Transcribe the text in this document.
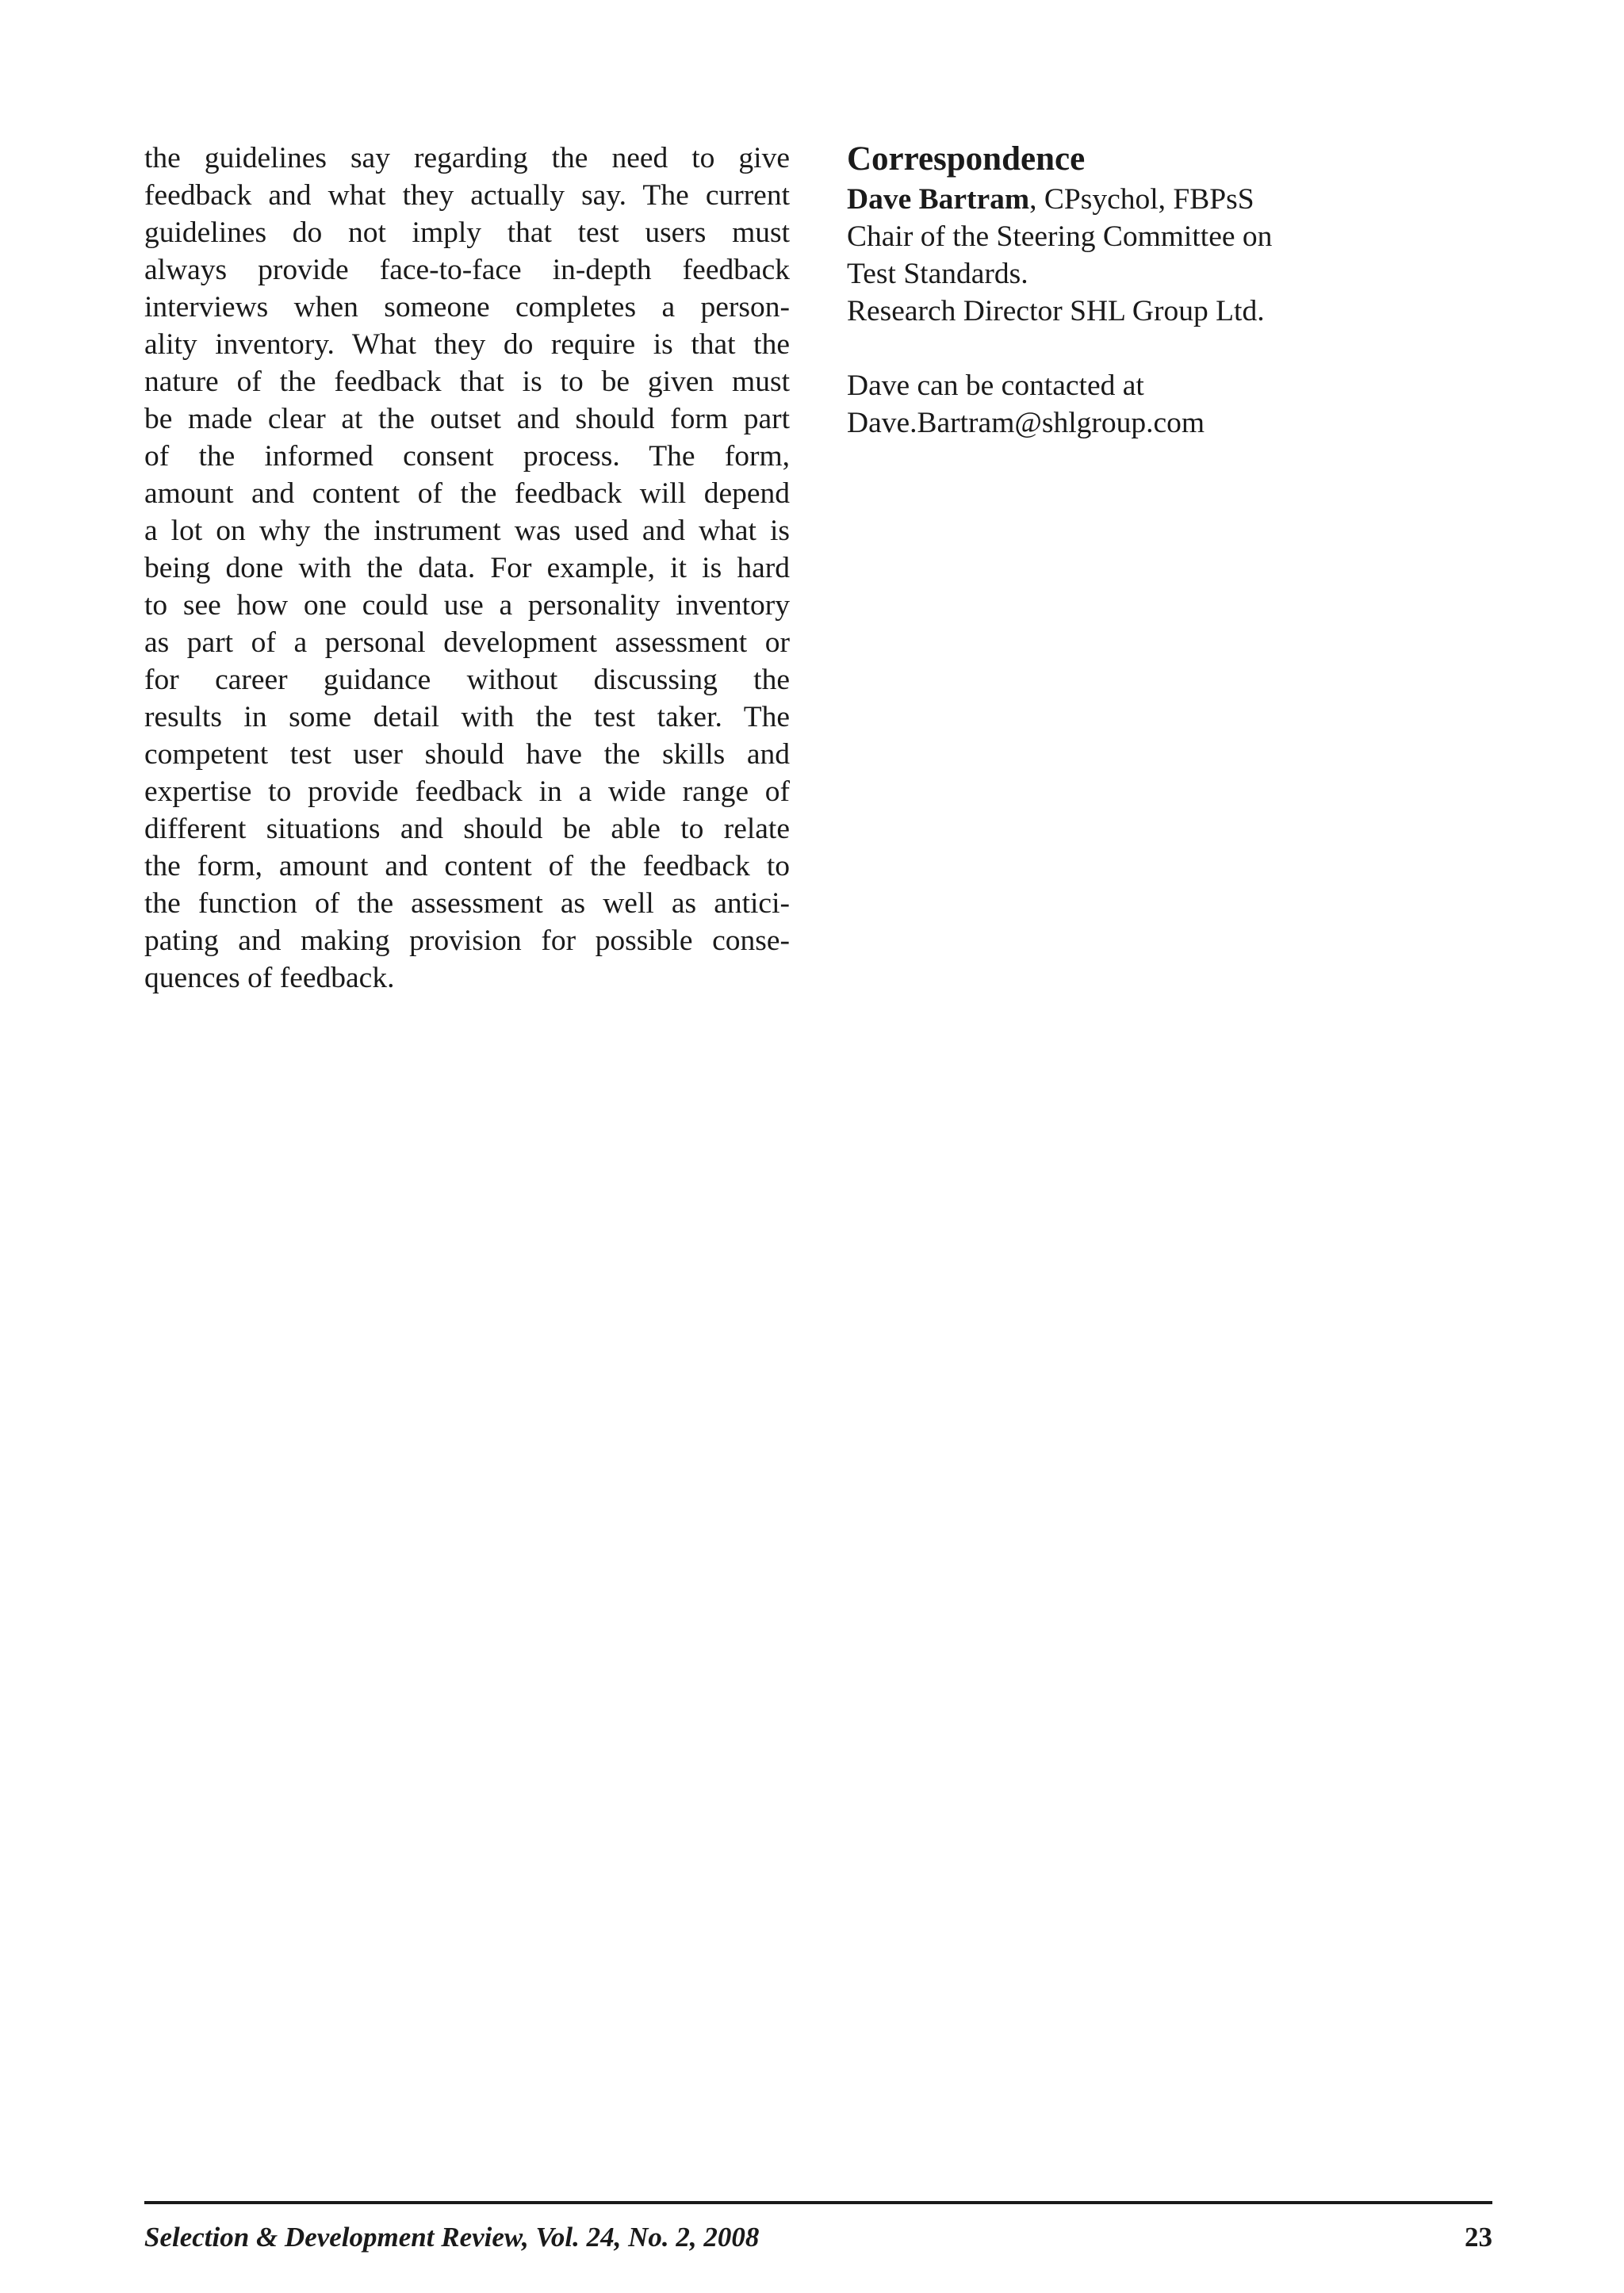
the guidelines say regarding the need to give
feedback and what they actually say. The current
guidelines do not imply that test users must
always provide face-to-face in-depth feedback
interviews when someone completes a person-
ality inventory. What they do require is that the
nature of the feedback that is to be given must
be made clear at the outset and should form part
of the informed consent process. The form,
amount and content of the feedback will depend
a lot on why the instrument was used and what is
being done with the data. For example, it is hard
to see how one could use a personality inventory
as part of a personal development assessment or
for career guidance without discussing the
results in some detail with the test taker. The
competent test user should have the skills and
expertise to provide feedback in a wide range of
different situations and should be able to relate
the form, amount and content of the feedback to
the function of the assessment as well as antici-
pating and making provision for possible conse-
quences of feedback.
Correspondence
Dave Bartram, CPsychol, FBPsS
Chair of the Steering Committee on
Test Standards.
Research Director SHL Group Ltd.
Dave can be contacted at
Dave.Bartram@shlgroup.com
Selection & Development Review, Vol. 24, No. 2, 2008	23
